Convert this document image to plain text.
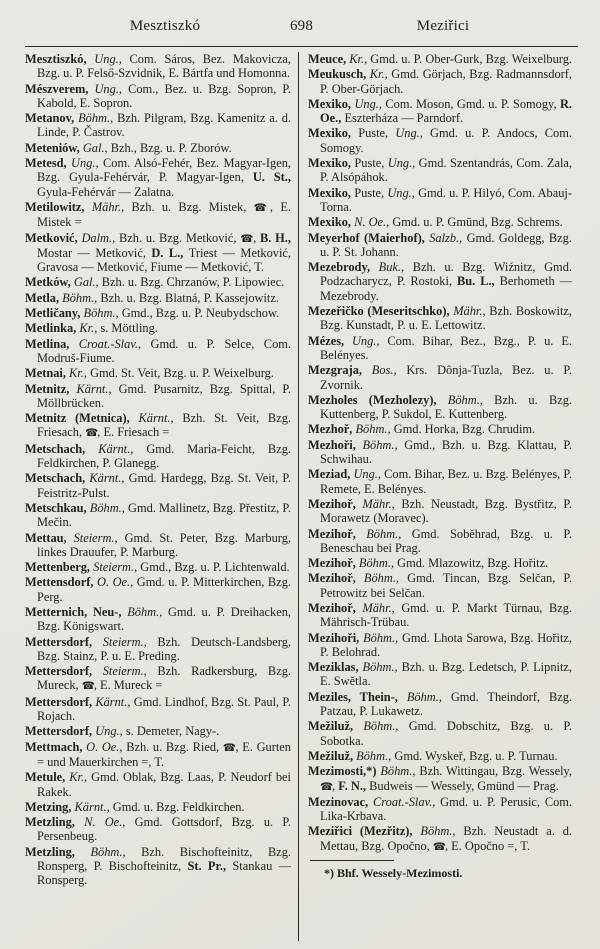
Mesztiszkó	698	Meziřici

Mesztiszkó, Ung., Com. Sáros, Bez. Makovicza, Bzg. u. P. Felső-Szvidnik, E. Bártfa und Homonna.

Mészverem, Ung., Com., Bez. u. Bzg. Sopron, P. Kabold, E. Sopron.

Metanov, Böhm., Bzh. Pilgram, Bzg. Kamenitz a. d. Linde, P. Častrov.

Meteniów, Gal., Bzh., Bzg. u. P. Zborów.

Metesd, Ung., Com. Alsó-Fehér, Bez. Magyar-Igen, Bzg. Gyula-Fehérvár, P. Magyar-Igen, U. St., Gyula-Fehérvár — Zalatna.

Metilowitz, Mähr., Bzh. u. Bzg. Mistek, ☎, E. Mistek =

Metković, Dalm., Bzh. u. Bzg. Metković, ☎, B. H., Mostar — Metković, D. L., Triest — Metković, Gravosa — Metković, Fiume — Metković, T.

Metków, Gal., Bzh. u. Bzg. Chrzanów, P. Lipowiec.

Metla, Böhm., Bzh. u. Bzg. Blatná, P. Kassejowitz.

Metličany, Böhm., Gmd., Bzg. u. P. Neubydschow.

Metlinka, Kr., s. Möttling.

Metlina, Croat.-Slav., Gmd. u. P. Selce, Com. Modruš-Fiume.

Metnai, Kr., Gmd. St. Veit, Bzg. u. P. Weixelburg.

Metnitz, Kärnt., Gmd. Pusarnitz, Bzg. Spittal, P. Möllbrücken.

Metnitz (Metnica), Kärnt., Bzh. St. Veit, Bzg. Friesach, ☎, E. Friesach =

Metschach, Kärnt., Gmd. Maria-Feicht, Bzg. Feldkirchen, P. Glanegg.

Metschach, Kärnt., Gmd. Hardegg, Bzg. St. Veit, P. Feistritz-Pulst.

Metschkau, Böhm., Gmd. Mallinetz, Bzg. Přestitz, P. Mečin.

Mettau, Steierm., Gmd. St. Peter, Bzg. Marburg, linkes Drauufer, P. Marburg.

Mettenberg, Steierm., Gmd., Bzg. u. P. Lichtenwald.

Mettensdorf, O. Oe., Gmd. u. P. Mitterkirchen, Bzg. Perg.

Metternich, Neu-, Böhm., Gmd. u. P. Dreihacken, Bzg. Königswart.

Mettersdorf, Steierm., Bzh. Deutsch-Landsberg, Bzg. Stainz, P. u. E. Preding.

Mettersdorf, Steierm., Bzh. Radkersburg, Bzg. Mureck, ☎, E. Mureck =

Mettersdorf, Kärnt., Gmd. Lindhof, Bzg. St. Paul, P. Rojach.

Mettersdorf, Ung., s. Demeter, Nagy-.

Mettmach, O. Oe., Bzh. u. Bzg. Ried, ☎, E. Gurten = und Mauerkirchen =, T.

Metule, Kr., Gmd. Oblak, Bzg. Laas, P. Neudorf bei Rakek.

Metzing, Kärnt., Gmd. u. Bzg. Feldkirchen.

Metzling, N. Oe., Gmd. Gottsdorf, Bzg. u. P. Persenbeug.

Metzling, Böhm., Bzh. Bischofteinitz, Bzg. Ronsperg, P. Bischofteinitz, St. Pr., Stankau — Ronsperg.

Meuce, Kr., Gmd. u. P. Ober-Gurk, Bzg. Weixelburg.

Meukusch, Kr., Gmd. Görjach, Bzg. Radmannsdorf, P. Ober-Görjach.

Mexiko, Ung., Com. Moson, Gmd. u. P. Somogy, R. Oe., Eszterháza — Parndorf.

Mexiko, Puste, Ung., Gmd. u. P. Andocs, Com. Somogy.

Mexiko, Puste, Ung., Gmd. Szentandrás, Com. Zala, P. Alsópáhok.

Mexiko, Puste, Ung., Gmd. u. P. Hilyó, Com. Abauj-Torna.

Mexiko, N. Oe., Gmd. u. P. Gmünd, Bzg. Schrems.

Meyerhof (Maierhof), Salzb., Gmd. Goldegg, Bzg. u. P. St. Johann.

Mezebrody, Buk., Bzh. u. Bzg. Wiźnitz, Gmd. Podzacharycz, P. Rostoki, Bu. L., Berhometh — Mezebrody.

Mezeřičko (Meseritschko), Mähr., Bzh. Boskowitz, Bzg. Kunstadt, P. u. E. Lettowitz.

Mézes, Ung., Com. Bihar, Bez., Bzg., P. u. E. Belényes.

Mezgraja, Bos., Krs. Dônja-Tuzla, Bez. u. P. Zvornik.

Mezholes (Mezholezy), Böhm., Bzh. u. Bzg. Kuttenberg, P. Sukdol, E. Kuttenberg.

Mezhoř, Böhm., Gmd. Horka, Bzg. Chrudim.

Mezhoři, Böhm., Gmd., Bzh. u. Bzg. Klattau, P. Schwihau.

Meziad, Ung., Com. Bihar, Bez. u. Bzg. Belényes, P. Remete, E. Belényes.

Mezihoř, Mähr., Bzh. Neustadt, Bzg. Bystřitz, P. Morawetz (Moravec).

Mezihoř, Böhm., Gmd. Soběhrad, Bzg. u. P. Beneschau bei Prag.

Mezihoř, Böhm., Gmd. Mlazowitz, Bzg. Hořitz.

Mezihoř, Böhm., Gmd. Tincan, Bzg. Selčan, P. Petrowitz bei Selčan.

Mezihoř, Mähr., Gmd. u. P. Markt Türnau, Bzg. Mährisch-Trübau.

Mezihoři, Böhm., Gmd. Lhota Sarowa, Bzg. Hořitz, P. Belohrad.

Meziklas, Böhm., Bzh. u. Bzg. Ledetsch, P. Lipnitz, E. Swětla.

Meziles, Thein-, Böhm., Gmd. Theindorf, Bzg. Patzau, P. Lukawetz.

Mežiluž, Böhm., Gmd. Dobschitz, Bzg. u. P. Sobotka.

Mežiluž, Böhm., Gmd. Wyskeř, Bzg. u. P. Turnau.

Mezimosti,*) Böhm., Bzh. Wittingau, Bzg. Wessely, ☎, F. N., Budweis — Wessely, Gmünd — Prag.

Mezinovac, Croat.-Slav., Gmd. u. P. Perusic, Com. Lika-Krbava.

Meziřici (Mezřitz), Böhm., Bzh. Neustadt a. d. Mettau, Bzg. Opočno, ☎, E. Opočno =, T.

*) Bhf. Wessely-Mezimosti.
